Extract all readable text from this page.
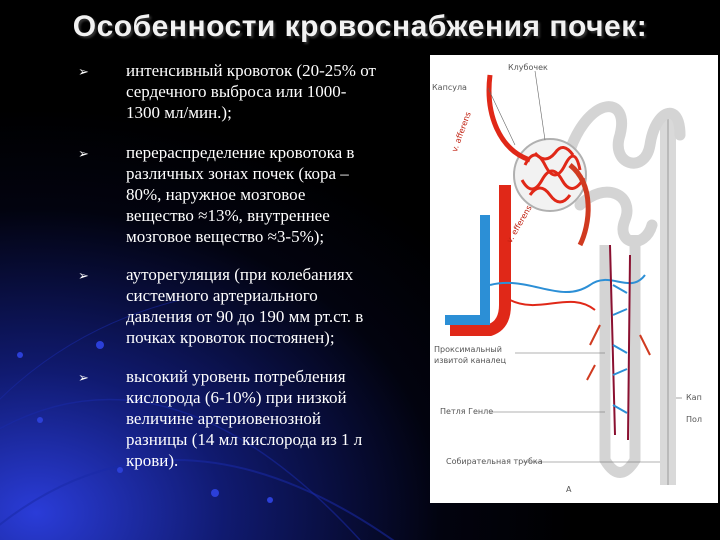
Особенности кровоснабжения почек:
➢ интенсивный кровоток (20-25% от
сердечного выброса или 1000-
1300 мл/мин.);
➢ перераспределение кровотока в
различных зонах почек (кора –
80%, наружное мозговое
вещество ≈13%, внутреннее
мозговое вещество ≈3-5%);
➢ ауторегуляция (при колебаниях
системного артериального
давления от 90 до 190 мм рт.ст. в
почках кровоток постоянен);
➢ высокий уровень потребления
кислорода (6-10%) при низкой
величине артериовенозной
разницы (14 мл кислорода из 1 л
крови).
Клубочек
Капсула
v. afferens
v. efferens
Проксимальный
извитой каналец
Петля Генле
Собирательная трубка
Кап
Пол
A
